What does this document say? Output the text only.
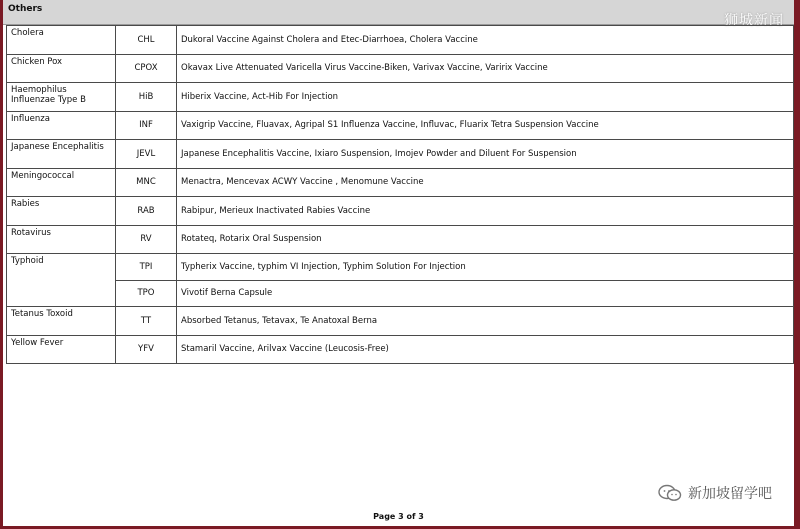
Others
狮城新闻
Cholera	CHL	Dukoral Vaccine Against Cholera and Etec-Diarrhoea, Cholera Vaccine
Chicken Pox	CPOX	Okavax Live Attenuated Varicella Virus Vaccine-Biken, Varivax Vaccine, Varirix Vaccine
Haemophilus Influenzae Type B	HiB	Hiberix Vaccine, Act-Hib For Injection
Influenza	INF	Vaxigrip Vaccine, Fluavax, Agripal S1 Influenza Vaccine, Influvac, Fluarix Tetra Suspension Vaccine
Japanese Encephalitis	JEVL	Japanese Encephalitis Vaccine, Ixiaro Suspension, Imojev Powder and Diluent For Suspension
Meningococcal	MNC	Menactra, Mencevax ACWY Vaccine , Menomune Vaccine
Rabies	RAB	Rabipur, Merieux Inactivated Rabies Vaccine
Rotavirus	RV	Rotateq, Rotarix Oral Suspension
Typhoid	TPI	Typherix Vaccine, typhim VI Injection, Typhim Solution For Injection
	TPO	Vivotif Berna Capsule
Tetanus Toxoid	TT	Absorbed Tetanus, Tetavax, Te Anatoxal Berna
Yellow Fever	YFV	Stamaril Vaccine, Arilvax Vaccine (Leucosis-Free)
新加坡留学吧
Page 3 of 3
